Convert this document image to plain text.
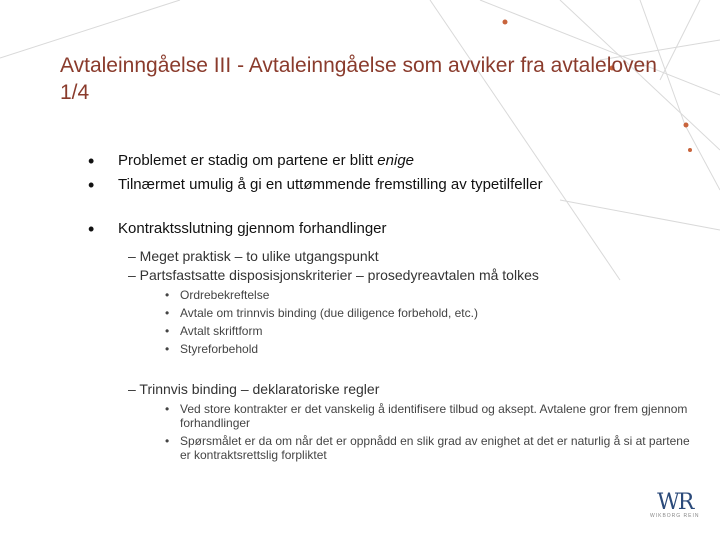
Avtaleinngåelse III - Avtaleinngåelse som avviker fra avtaleloven 1/4
• Problemet er stadig om partene er blitt enige
• Tilnærmet umulig å gi en uttømmende fremstilling av typetilfeller
• Kontraktsslutning gjennom forhandlinger
– Meget praktisk – to ulike utgangspunkt
– Partsfastsatte disposisjonskriterier – prosedyreavtalen må tolkes
• Ordrebekreftelse
• Avtale om trinnvis binding (due diligence forbehold, etc.)
• Avtalt skriftform
• Styreforbehold
– Trinnvis binding – deklaratoriske regler
• Ved store kontrakter er det vanskelig å identifisere tilbud og aksept. Avtalene gror frem gjennom forhandlinger
• Spørsmålet er da om når det er oppnådd en slik grad av enighet at det er naturlig å si at partene er kontraktsrettslig forpliktet
WR
WIKBORG REIN
